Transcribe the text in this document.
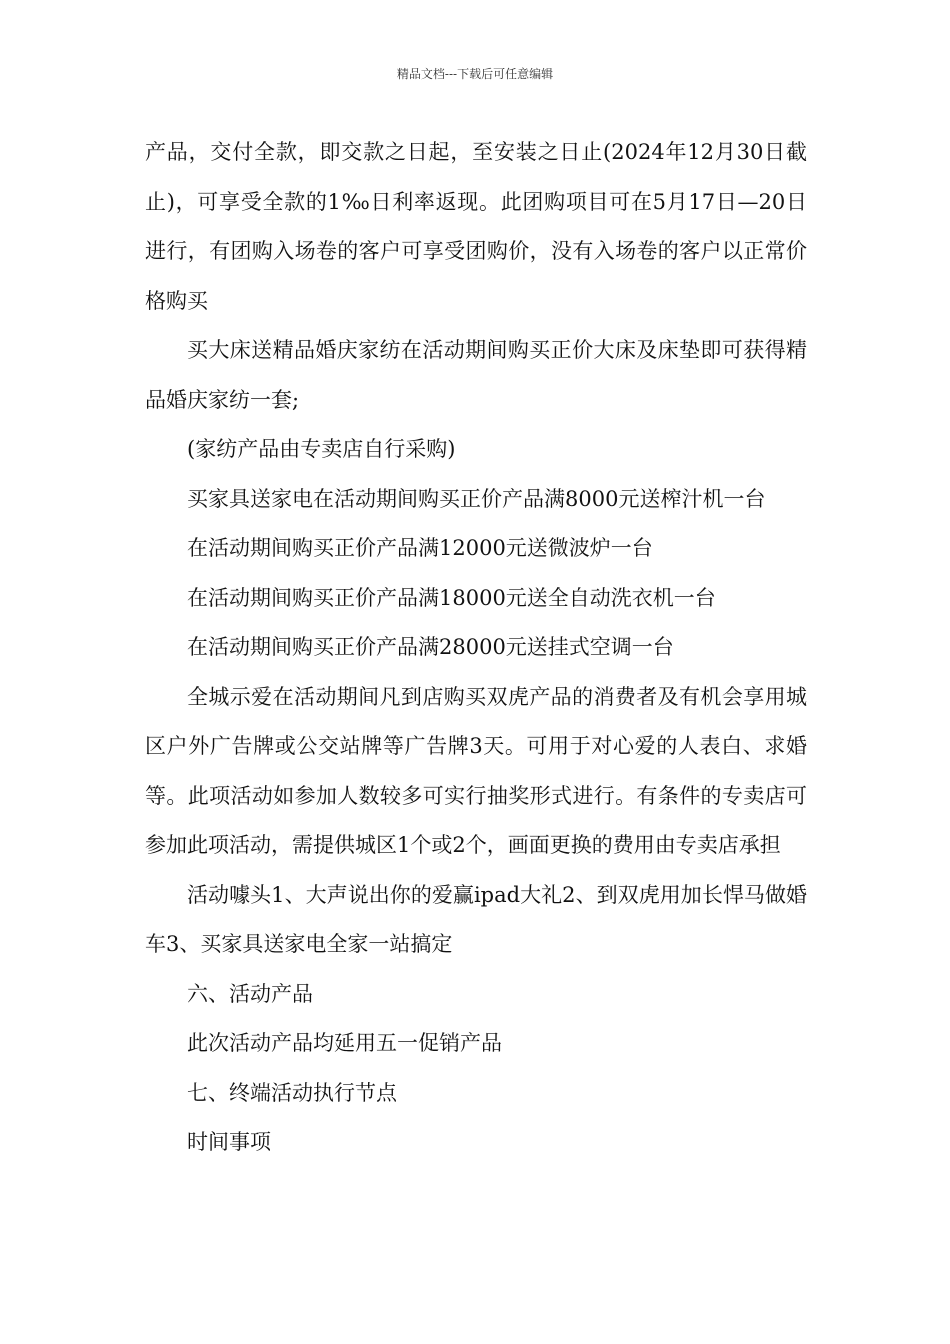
精品文档---下载后可任意编辑

产品，交付全款，即交款之日起，至安装之日止(2024年12月30日截止)，可享受全款的1‰日利率返现。此团购项目可在5月17日—20日进行，有团购入场卷的客户可享受团购价，没有入场卷的客户以正常价格购买

买大床送精品婚庆家纺在活动期间购买正价大床及床垫即可获得精品婚庆家纺一套;

(家纺产品由专卖店自行采购)

买家具送家电在活动期间购买正价产品满8000元送榨汁机一台

在活动期间购买正价产品满12000元送微波炉一台

在活动期间购买正价产品满18000元送全自动洗衣机一台

在活动期间购买正价产品满28000元送挂式空调一台

全城示爱在活动期间凡到店购买双虎产品的消费者及有机会享用城区户外广告牌或公交站牌等广告牌3天。可用于对心爱的人表白、求婚等。此项活动如参加人数较多可实行抽奖形式进行。有条件的专卖店可参加此项活动，需提供城区1个或2个，画面更换的费用由专卖店承担

活动噱头1、大声说出你的爱赢ipad大礼2、到双虎用加长悍马做婚车3、买家具送家电全家一站搞定

六、活动产品

此次活动产品均延用五一促销产品

七、终端活动执行节点

时间事项
